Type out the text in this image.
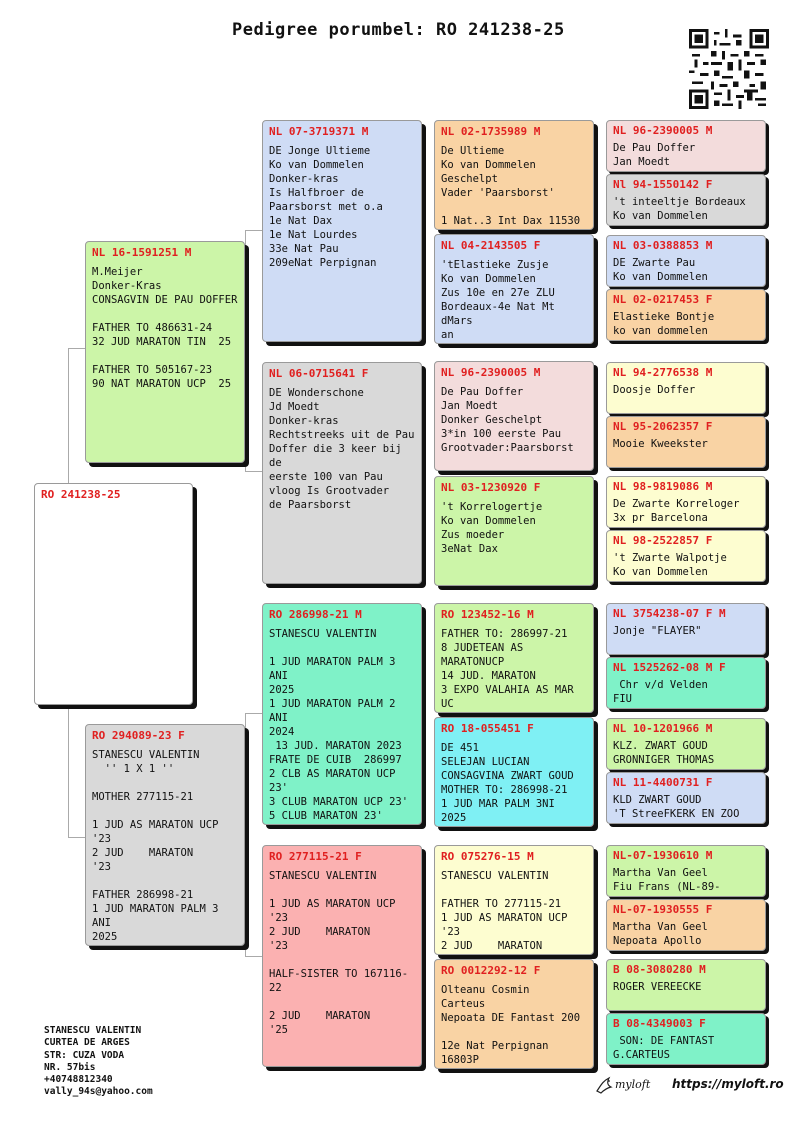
Pedigree porumbel: RO 241238-25
RO 241238-25
NL 16-1591251 M
M.Meijer
Donker-Kras
CONSAGVIN DE PAU DOFFER

FATHER TO 486631-24
32 JUD MARATON TIN  25

FATHER TO 505167-23
90 NAT MARATON UCP  25
RO 294089-23 F
STANESCU VALENTIN
'' 1 X 1 ''

MOTHER 277115-21

1 JUD AS MARATON UCP '23
2 JUD    MARATON     '23

FATHER 286998-21
1 JUD MARATON PALM 3 ANI
2025

NL 07-3719371 M
DE Jonge Ultieme
Ko van Dommelen
Donker-kras
Is Halfbroer de
Paarsborst met o.a
1e Nat Dax
1e Nat Lourdes
33e Nat Pau
209eNat Perpignan
NL 06-0715641 F
DE Wonderschone
Jd Moedt
Donker-kras
Rechtstreeks uit de Pau
Doffer die 3 keer bij de
eerste 100 van Pau
vloog Is Grootvader
de Paarsborst
RO 286998-21 M
STANESCU VALENTIN

1 JUD MARATON PALM 3 ANI
2025
1 JUD MARATON PALM 2 ANI
2024
13 JUD. MARATON 2023
FRATE DE CUIB  286997
2 CLB AS MARATON UCP 23'
3 CLUB MARATON UCP 23'
5 CLUB MARATON 23'

RO 277115-21 F
STANESCU VALENTIN

1 JUD AS MARATON UCP '23
2 JUD    MARATON     '23

HALF-SISTER TO 167116-22

2 JUD    MARATON     '25
NL 02-1735989 M
De Ultieme
Ko van Dommelen
Geschelpt
Vader 'Paarsborst'

1 Nat..3 Int Dax 11530
NL 04-2143505 F
'tElastieke Zusje
Ko van Dommelen
Zus 10e en 27e ZLU
Bordeaux-4e Nat Mt dMars
an

NL 96-2390005 M
De Pau Doffer
Jan Moedt
Donker Geschelpt
3*in 100 eerste Pau
Grootvader:Paarsborst
NL 03-1230920 F
't Korrelogertje
Ko van Dommelen
Zus moeder
3eNat Dax
RO 123452-16 M
FATHER TO: 286997-21
8 JUDETEAN AS MARATONUCP
14 JUD. MARATON
3 EXPO VALAHIA AS MAR UC

RO 18-055451 F
DE 451
SELEJAN LUCIAN
CONSAGVINA ZWART GOUD
MOTHER TO: 286998-21
1 JUD MAR PALM 3NI  2025

RO 075276-15 M
STANESCU VALENTIN

FATHER TO 277115-21
1 JUD AS MARATON UCP '23
2 JUD    MARATON
RO 0012292-12 F
Olteanu Cosmin
Carteus
Nepoata DE Fantast 200

12e Nat Perpignan 16803P
NL 96-2390005 M
De Pau Doffer
Jan Moedt
Nl 94-1550142 F
't inteeltje Bordeaux
Ko van Dommelen
NL 03-0388853 M
DE Zwarte Pau
Ko van Dommelen
NL 02-0217453 F
Elastieke Bontje
ko van dommelen
NL 94-2776538 M
Doosje Doffer
NL 95-2062357 F
Mooie Kweekster
NL 98-9819086 M
De Zwarte Korreloger
3x pr Barcelona
NL 98-2522857 F
't Zwarte Walpotje
Ko van Dommelen
NL 3754238-07 F M
Jonje "FLAYER"
NL 1525262-08 M F
Chr v/d Velden
FIU
NL 10-1201966 M
KLZ. ZWART GOUD
GRONNIGER THOMAS
NL 11-4400731 F
KLD ZWART GOUD
'T StreeFKERK EN ZOO
NL-07-1930610 M
Martha Van Geel
Fiu Frans (NL-89-
NL-07-1930555 F
Martha Van Geel
Nepoata Apollo
B 08-3080280 M
ROGER VEREECKE
B 08-4349003 F
SON: DE FANTAST
G.CARTEUS
STANESCU VALENTIN
CURTEA DE ARGES
STR: CUZA VODA
NR. 57bis
+40748812340
vally_94s@yahoo.com
myloft https://myloft.ro
